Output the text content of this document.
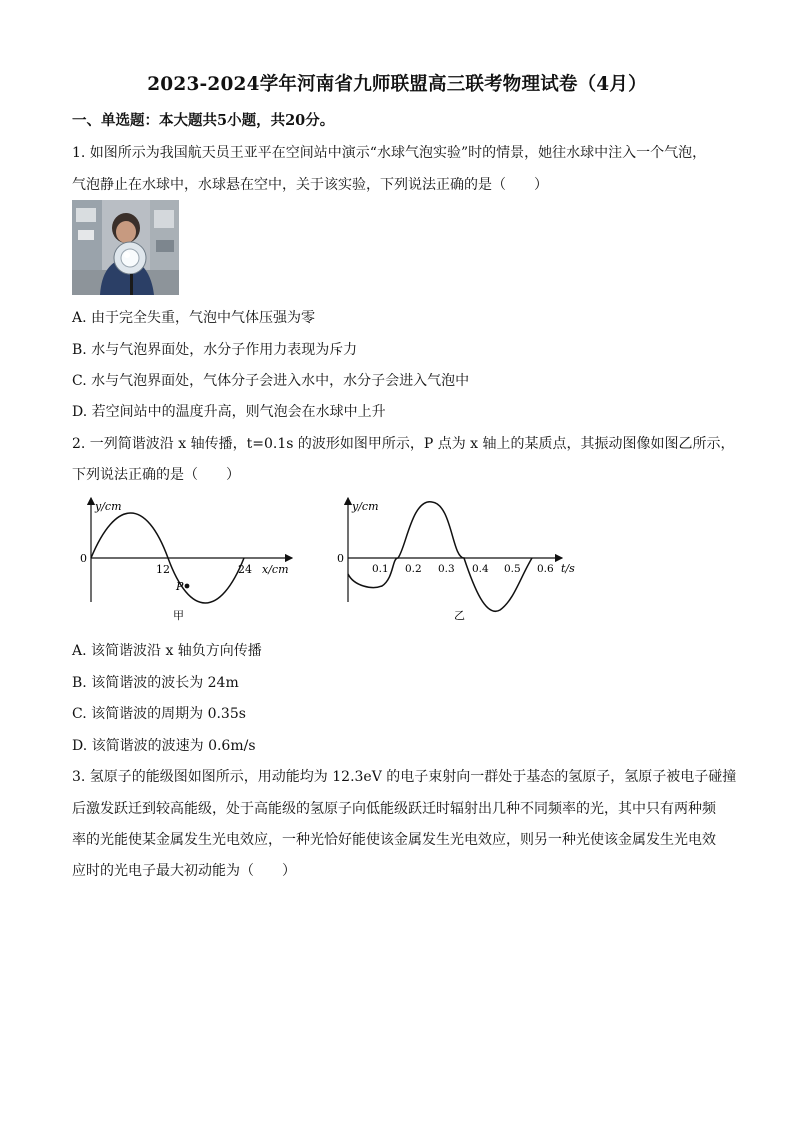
2023-2024学年河南省九师联盟高三联考物理试卷（4月）
一、单选题：本大题共5小题，共20分。
1. 如图所示为我国航天员王亚平在空间站中演示“水球气泡实验”时的情景，她往水球中注入一个气泡，
气泡静止在水球中，水球悬在空中，关于该实验，下列说法正确的是（　　）
A. 由于完全失重，气泡中气体压强为零
B. 水与气泡界面处，水分子作用力表现为斥力
C. 水与气泡界面处，气体分子会进入水中，水分子会进入气泡中
D. 若空间站中的温度升高，则气泡会在水球中上升
2. 一列简谐波沿 x 轴传播，t=0.1s 的波形如图甲所示，P 点为 x 轴上的某质点，其振动图像如图乙所示，
下列说法正确的是（　　）
y/cm
0
12	24 x/cm
P
甲
y/cm
0
0.1 0.2 0.3 0.4 0.5 0.6 t/s
乙
A. 该简谐波沿 x 轴负方向传播
B. 该简谐波的波长为 24m
C. 该简谐波的周期为 0.35s
D. 该简谐波的波速为 0.6m/s
3. 氢原子的能级图如图所示，用动能均为 12.3eV 的电子束射向一群处于基态的氢原子，氢原子被电子碰撞
后激发跃迁到较高能级，处于高能级的氢原子向低能级跃迁时辐射出几种不同频率的光，其中只有两种频
率的光能使某金属发生光电效应，一种光恰好能使该金属发生光电效应，则另一种光使该金属发生光电效
应时的光电子最大初动能为（　　）
